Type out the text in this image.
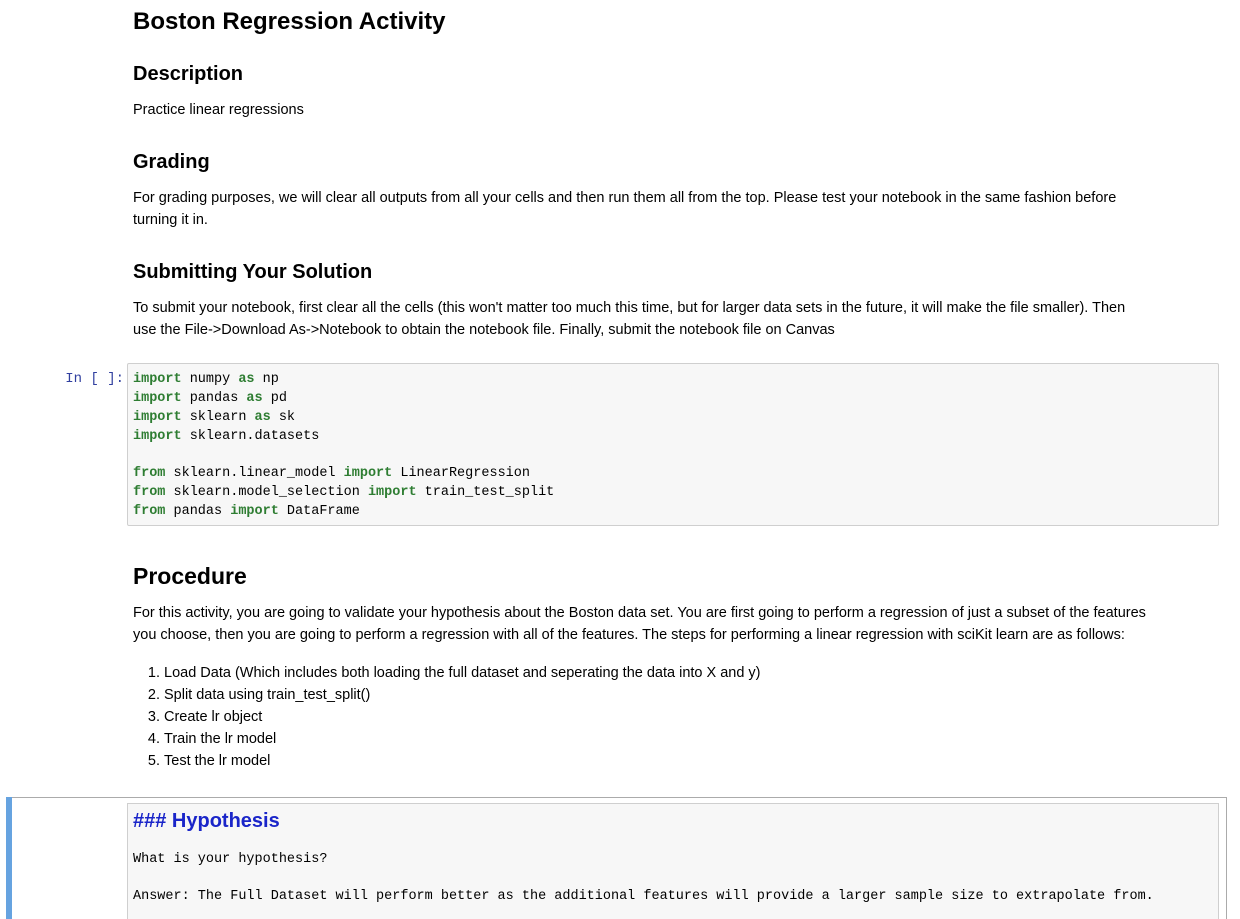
Boston Regression Activity
Description

Practice linear regressions

Grading

For grading purposes, we will clear all outputs from all your cells and then run them all from the top. Please test your notebook in the same fashion before

turning it in.

Submitting Your Solution

To submit your notebook, first clear all the cells (this won't matter too much this time, but for larger data sets in the future, it will make the file smaller). Then

use the File->Download As->Notebook to obtain the notebook file. Finally, submit the notebook file on Canvas

In [ ]: import numpy as np
import pandas as pd
import sklearn as sk
import sklearn.datasets
from sklearn.linear_model import LinearRegression
from sklearn.model_selection import train_test_split
from pandas import DataFrame
Procedure

For this activity, you are going to validate your hypothesis about the Boston data set. You are first going to perform a regression of just a subset of the features

you choose, then you are going to perform a regression with all of the features. The steps for performing a linear regression with sciKit learn are as follows:

1. Load Data (Which includes both loading the full dataset and seperating the data into X and y)
2. Split data using train_test_split()
3. Create lr object
4. Train the lr model
5. Test the lr model
### Hypothesis
What is your hypothesis?
Answer: The Full Dataset will perform better as the additional features will provide a larger sample size to extrapolate from.
